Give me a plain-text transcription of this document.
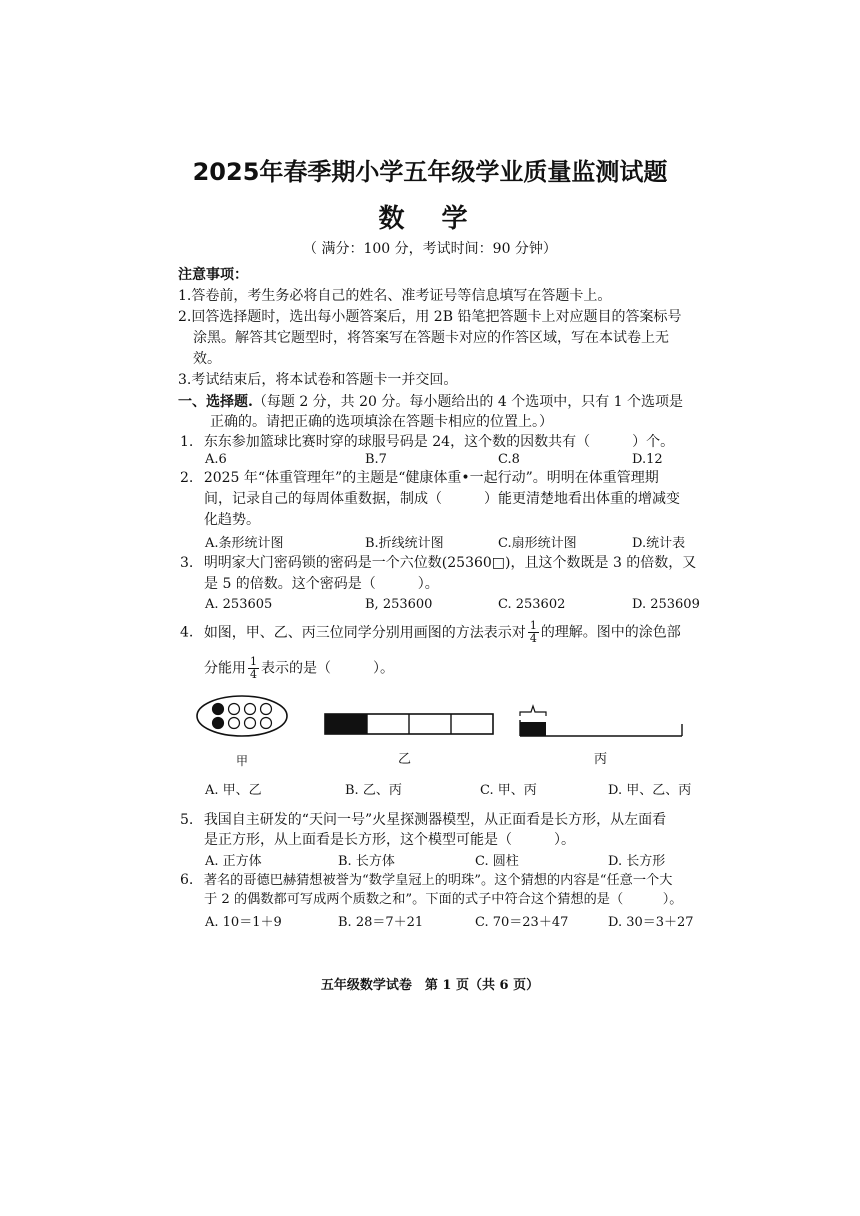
2025年春季期小学五年级学业质量监测试题
数 学
（ 满分：100 分，考试时间：90 分钟）
注意事项：
1.答卷前，考生务必将自己的姓名、准考证号等信息填写在答题卡上。
2.回答选择题时，选出每小题答案后，用 2B 铅笔把答题卡上对应题目的答案标号
涂黑。解答其它题型时，将答案写在答题卡对应的作答区域，写在本试卷上无
效。
3.考试结束后，将本试卷和答题卡一并交回。
一、选择题.（每题 2 分，共 20 分。每小题给出的 4 个选项中，只有 1 个选项是
正确的。请把正确的选项填涂在答题卡相应的位置上。）
1. 东东参加篮球比赛时穿的球服号码是 24，这个数的因数共有（　　　）个。
A.6	B.7	C.8	D.12
2. 2025 年“体重管理年”的主题是“健康体重•一起行动”。明明在体重管理期
间，记录自己的每周体重数据，制成（　　　）能更清楚地看出体重的增减变
化趋势。
A.条形统计图	B.折线统计图	C.扇形统计图	D.统计表
3. 明明家大门密码锁的密码是一个六位数(25360□)，且这个数既是 3 的倍数，又
是 5 的倍数。这个密码是（　　　）。
A. 253605	B, 253600	C. 253602	D. 253609
4. 如图，甲、乙、丙三位同学分别用画图的方法表示对 $\frac{1}{4}$ 的理解。图中的涂色部
分能用 $\frac{1}{4}$ 表示的是（　　　）。
甲	乙	丙
A. 甲、乙	B. 乙、丙	C. 甲、丙	D. 甲、乙、丙
5. 我国自主研发的“天问一号”火星探测器模型，从正面看是长方形，从左面看
是正方形，从上面看是长方形，这个模型可能是（　　　）。
A. 正方体	B. 长方体	C. 圆柱	D. 长方形
6. 著名的哥德巴赫猜想被誉为“数学皇冠上的明珠”。这个猜想的内容是“任意一个大
于 2 的偶数都可写成两个质数之和”。下面的式子中符合这个猜想的是（　　　）。
A. 10＝1＋9	B. 28＝7＋21	C. 70＝23＋47	D. 30＝3＋27
五年级数学试卷　第 1 页（共 6 页）
